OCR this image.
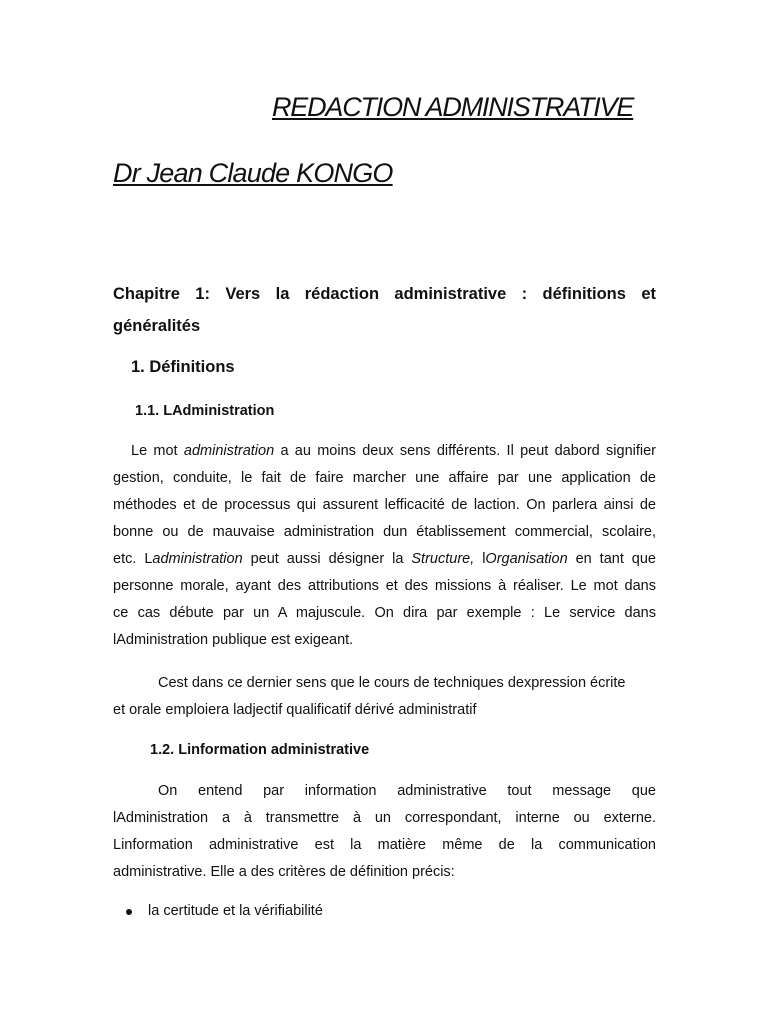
REDACTION ADMINISTRATIVE
Dr Jean Claude KONGO
Chapitre 1: Vers la rédaction administrative : définitions et généralités
1. Définitions
1.1. LAdministration
Le mot administration a au moins deux sens différents. Il peut dabord signifier
gestion, conduite, le fait de faire marcher une affaire par une application de
méthodes et de processus qui assurent lefficacité de laction. On parlera ainsi de
bonne ou de mauvaise administration dun établissement commercial, scolaire,
etc. Ladministration peut aussi désigner la Structure, lOrganisation en tant que
personne morale, ayant des attributions et des missions à réaliser. Le mot dans
ce cas débute par un A majuscule. On dira par exemple : Le service dans
lAdministration publique est exigeant.
Cest dans ce dernier sens que le cours de techniques dexpression écrite
et orale emploiera ladjectif qualificatif dérivé administratif
1.2. Linformation administrative
On entend par information administrative tout message que
lAdministration a à transmettre à un correspondant, interne ou externe.
Linformation administrative est la matière même de la communication
administrative. Elle a des critères de définition précis:
la certitude et la vérifiabilité
